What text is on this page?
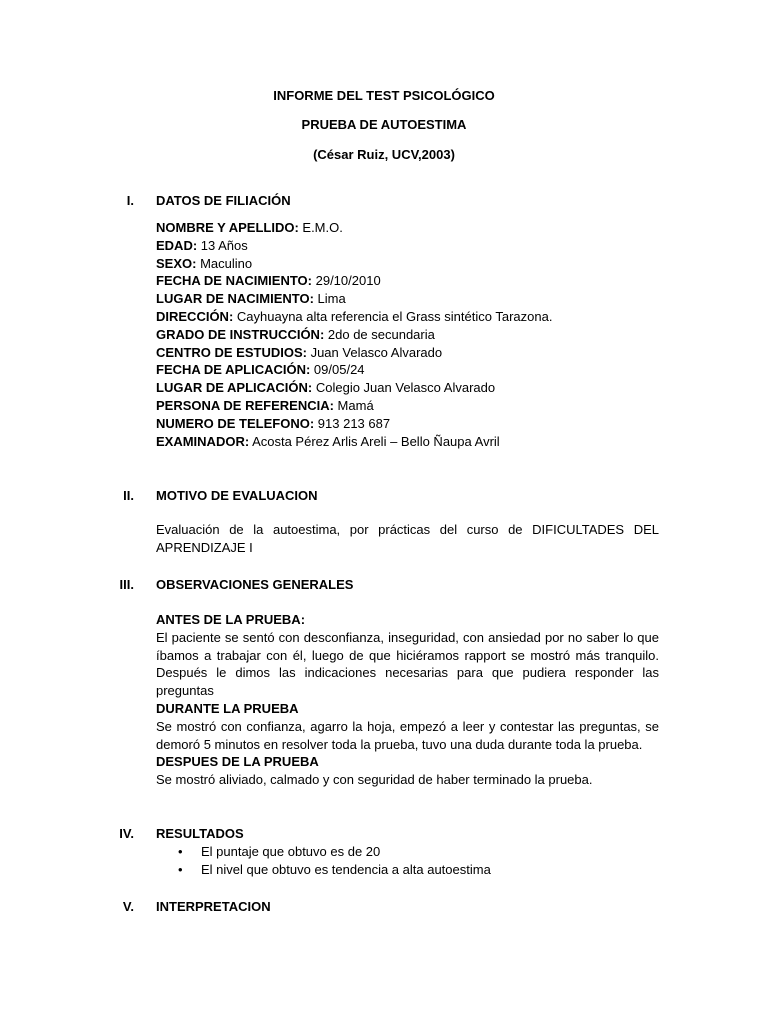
INFORME DEL TEST PSICOLÓGICO
PRUEBA DE AUTOESTIMA
(César Ruiz, UCV,2003)
I. DATOS DE FILIACIÓN
NOMBRE Y APELLIDO: E.M.O.
EDAD: 13 Años
SEXO: Maculino
FECHA DE NACIMIENTO: 29/10/2010
LUGAR DE NACIMIENTO: Lima
DIRECCIÓN: Cayhuayna alta referencia el Grass sintético Tarazona.
GRADO DE INSTRUCCIÓN: 2do de secundaria
CENTRO DE ESTUDIOS: Juan Velasco Alvarado
FECHA DE APLICACIÓN: 09/05/24
LUGAR DE APLICACIÓN: Colegio Juan Velasco Alvarado
PERSONA DE REFERENCIA: Mamá
NUMERO DE TELEFONO: 913 213 687
EXAMINADOR: Acosta Pérez Arlis Areli – Bello Ñaupa Avril
II. MOTIVO DE EVALUACION
Evaluación de la autoestima, por prácticas del curso de DIFICULTADES DEL APRENDIZAJE I
III. OBSERVACIONES GENERALES
ANTES DE LA PRUEBA:
El paciente se sentó con desconfianza, inseguridad, con ansiedad por no saber lo que íbamos a trabajar con él, luego de que hiciéramos rapport se mostró más tranquilo. Después le dimos las indicaciones necesarias para que pudiera responder las preguntas
DURANTE LA PRUEBA
Se mostró con confianza, agarro la hoja, empezó a leer y contestar las preguntas, se demoró 5 minutos en resolver toda la prueba, tuvo una duda durante toda la prueba.
DESPUES DE LA PRUEBA
Se mostró aliviado, calmado y con seguridad de haber terminado la prueba.
IV. RESULTADOS
• El puntaje que obtuvo es de 20
• El nivel que obtuvo es tendencia a alta autoestima
V. INTERPRETACION
